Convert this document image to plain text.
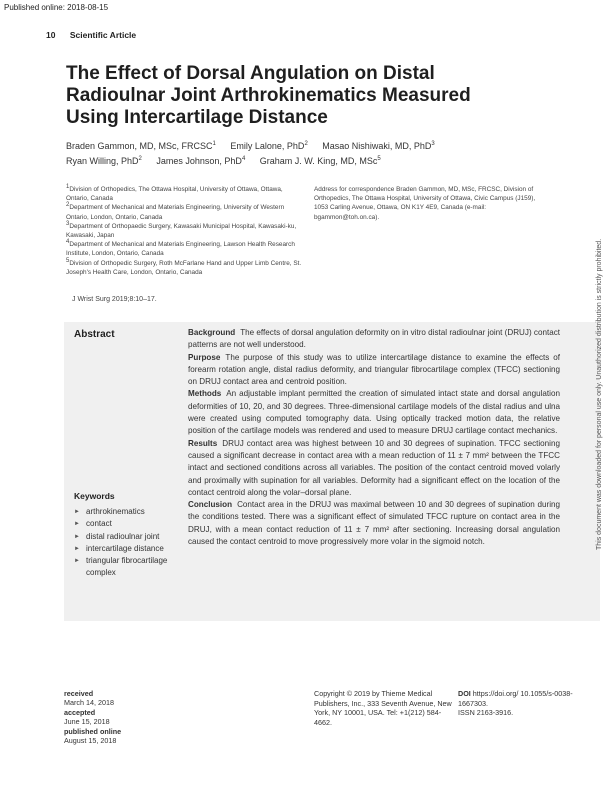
Published online: 2018-08-15
10 Scientific Article
The Effect of Dorsal Angulation on Distal
Radioulnar Joint Arthrokinematics Measured
Using Intercartilage Distance
Braden Gammon, MD, MSc, FRCSC$^1$ Emily Lalone, PhD$^2$ Masao Nishiwaki, MD, PhD$^3$
Ryan Willing, PhD$^2$ James Johnson, PhD$^4$ Graham J. W. King, MD, MSc$^5$

$^1$Division of Orthopedics, The Ottawa Hospital, University of Ottawa, Ottawa, Ontario, Canada

$^2$Department of Mechanical and Materials Engineering, University of Western Ontario, London, Ontario, Canada

$^3$Department of Orthopaedic Surgery, Kawasaki Municipal Hospital, Kawasaki-ku, Kawasaki, Japan

$^4$Department of Mechanical and Materials Engineering, Lawson Health Research Institute, London, Ontario, Canada

$^5$Division of Orthopedic Surgery, Roth McFarlane Hand and Upper Limb Centre, St. Joseph's Health Care, London, Ontario, Canada

Address for correspondence Braden Gammon, MD, MSc, FRCSC, Division of Orthopedics, The Ottawa Hospital, University of Ottawa, Civic Campus (J159), 1053 Carling Avenue, Ottawa, ON K1Y 4E9, Canada (e-mail: bgammon@toh.on.ca).
J Wrist Surg 2019;8:10–17.
Abstract	Background The effects of dorsal angulation deformity on in vitro distal radioulnar joint (DRUJ) contact patterns are not well understood.

Purpose The purpose of this study was to utilize intercartilage distance to examine the effects of forearm rotation angle, distal radius deformity, and triangular fibrocartilage complex (TFCC) sectioning on DRUJ contact area and centroid position.

Methods An adjustable implant permitted the creation of simulated intact state and dorsal angulation deformities of 10, 20, and 30 degrees. Three-dimensional cartilage models of the distal radius and ulna were created using computed tomography data. Using optically tracked motion data, the relative position of the cartilage models was rendered and used to measure DRUJ cartilage contact mechanics.

Results DRUJ contact area was highest between 10 and 30 degrees of supination. TFCC sectioning caused a significant decrease in contact area with a mean reduction of 11 ± 7 mm² between the TFCC intact and sectioned conditions across all variables. The position of the contact centroid moved volarly and proximally with supination for all variables. Deformity had a significant effect on the location of the contact centroid along the volar–dorsal plane.

Conclusion Contact area in the DRUJ was maximal between 10 and 30 degrees of supination during the conditions tested. There was a significant effect of simulated TFCC rupture on contact area in the DRUJ, with a mean contact reduction of 11 ± 7 mm² after sectioning. Increasing dorsal angulation caused the contact centroid to move progressively more volar in the sigmoid notch.

Keywords
► arthrokinematics
► contact
► distal radioulnar joint
► intercartilage distance
► triangular fibrocartilage complex
This document was downloaded for personal use only. Unauthorized distribution is strictly prohibited.
received
March 14, 2018
accepted
June 15, 2018
published online
August 15, 2018
Copyright © 2019 by Thieme Medical Publishers, Inc., 333 Seventh Avenue, New York, NY 10001, USA. Tel: +1(212) 584-4662.
DOI https://doi.org/ 10.1055/s-0038-1667303.
ISSN 2163-3916.
